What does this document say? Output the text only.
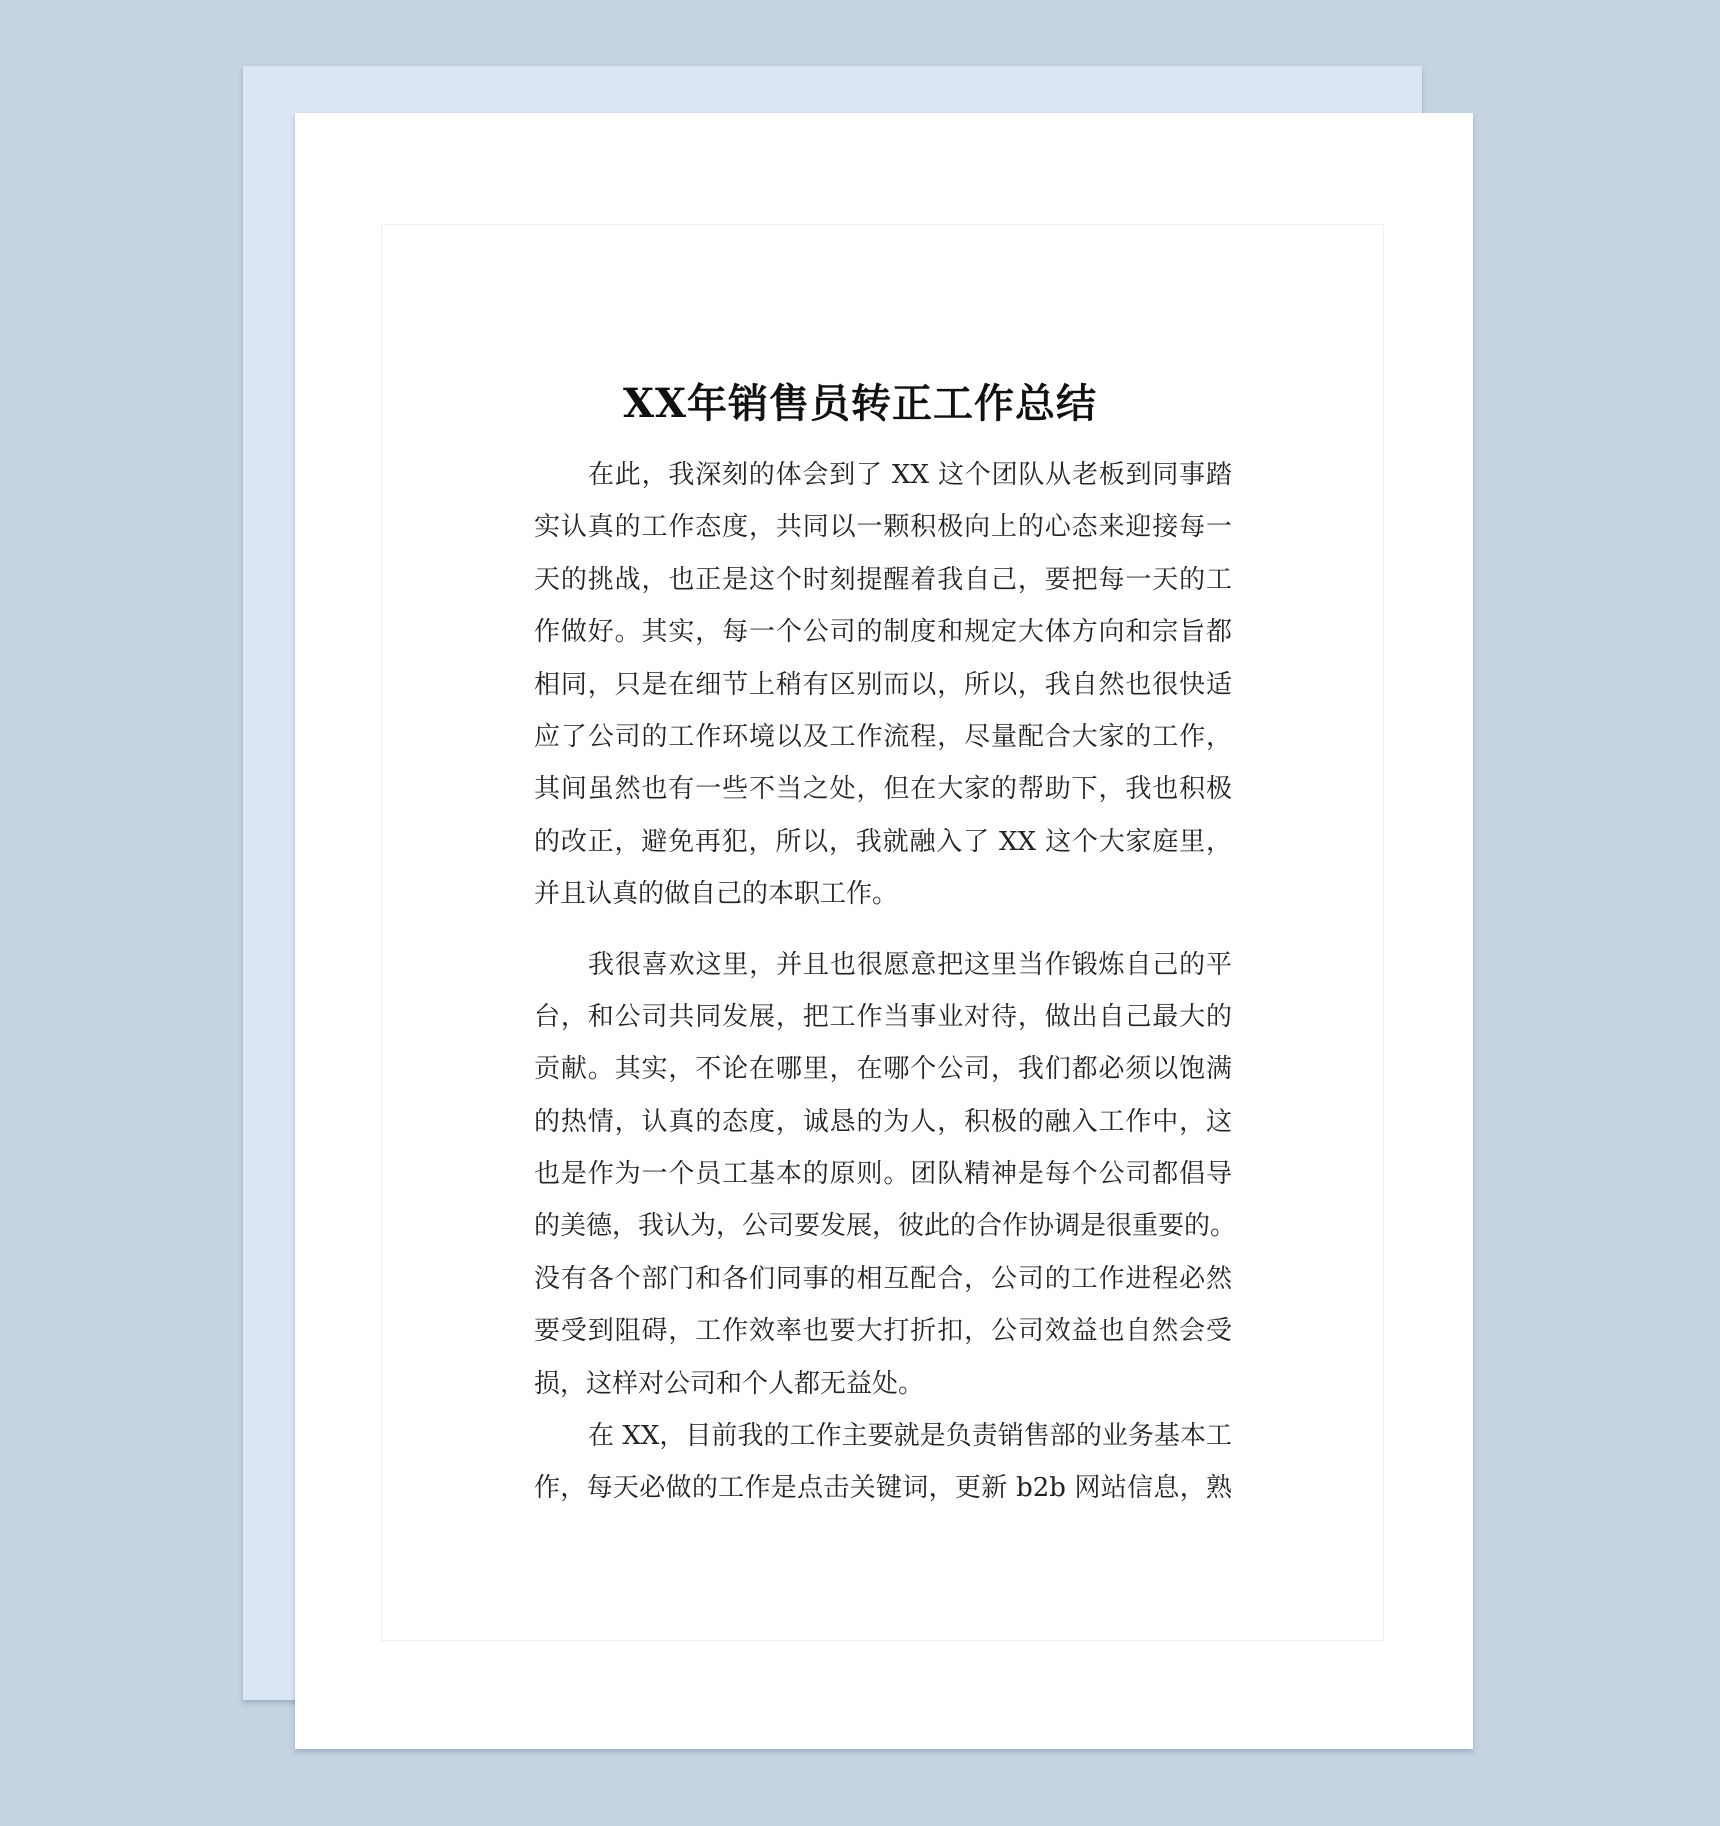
XX年销售员转正工作总结
在此，我深刻的体会到了 XX 这个团队从老板到同事踏
实认真的工作态度，共同以一颗积极向上的心态来迎接每一
天的挑战，也正是这个时刻提醒着我自己，要把每一天的工
作做好。其实，每一个公司的制度和规定大体方向和宗旨都
相同，只是在细节上稍有区别而以，所以，我自然也很快适
应了公司的工作环境以及工作流程，尽量配合大家的工作，
其间虽然也有一些不当之处，但在大家的帮助下，我也积极
的改正，避免再犯，所以，我就融入了 XX 这个大家庭里，
并且认真的做自己的本职工作。
我很喜欢这里，并且也很愿意把这里当作锻炼自己的平
台，和公司共同发展，把工作当事业对待，做出自己最大的
贡献。其实，不论在哪里，在哪个公司，我们都必须以饱满
的热情，认真的态度，诚恳的为人，积极的融入工作中，这
也是作为一个员工基本的原则。团队精神是每个公司都倡导
的美德，我认为，公司要发展，彼此的合作协调是很重要的。
没有各个部门和各们同事的相互配合，公司的工作进程必然
要受到阻碍，工作效率也要大打折扣，公司效益也自然会受
损，这样对公司和个人都无益处。
在 XX，目前我的工作主要就是负责销售部的业务基本工
作，每天必做的工作是点击关键词，更新 b2b 网站信息，熟
